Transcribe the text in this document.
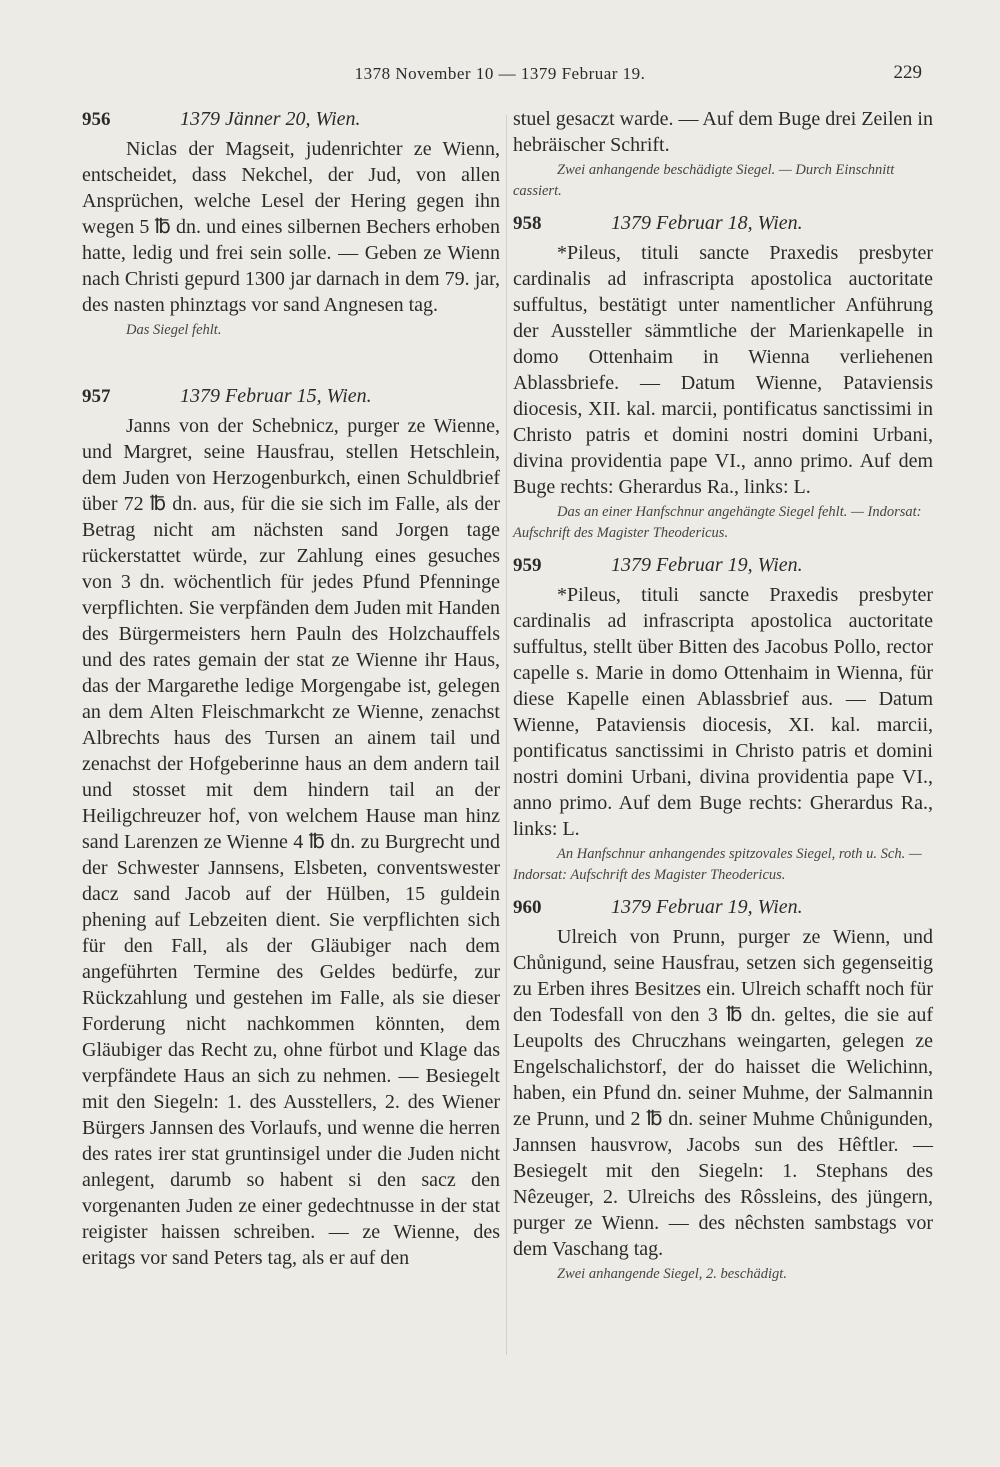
1378 November 10 — 1379 Februar 19.	229
956	1379 Jänner 20, Wien.

Niclas der Magseit, judenrichter ze Wienn, entscheidet, dass Nekchel, der Jud, von allen Ansprüchen, welche Lesel der Hering gegen ihn wegen 5 ℔ dn. und eines silbernen Bechers erhoben hatte, ledig und frei sein solle. — Geben ze Wienn nach Christi gepurd 1300 jar darnach in dem 79. jar, des nasten phinztags vor sand Angnesen tag.

Das Siegel fehlt.

957	1379 Februar 15, Wien.

Janns von der Schebnicz, purger ze Wienne, und Margret, seine Hausfrau, stellen Hetschlein, dem Juden von Herzogenburkch, einen Schuldbrief über 72 ℔ dn. aus, für die sie sich im Falle, als der Betrag nicht am nächsten sand Jorgen tage rückerstattet würde, zur Zahlung eines gesuches von 3 dn. wöchentlich für jedes Pfund Pfenninge verpflichten. Sie verpfänden dem Juden mit Handen des Bürgermeisters hern Pauln des Holzchauffels und des rates gemain der stat ze Wienne ihr Haus, das der Margarethe ledige Morgengabe ist, gelegen an dem Alten Fleischmarkcht ze Wienne, zenachst Albrechts haus des Tursen an ainem tail und zenachst der Hofgeberinne haus an dem andern tail und stosset mit dem hindern tail an der Heiligchreuzer hof, von welchem Hause man hinz sand Larenzen ze Wienne 4 ℔ dn. zu Burgrecht und der Schwester Jannsens, Elsbeten, conventswester dacz sand Jacob auf der Hülben, 15 guldein phening auf Lebzeiten dient. Sie verpflichten sich für den Fall, als der Gläubiger nach dem angeführten Termine des Geldes bedürfe, zur Rückzahlung und gestehen im Falle, als sie dieser Forderung nicht nachkommen könnten, dem Gläubiger das Recht zu, ohne fürbot und Klage das verpfändete Haus an sich zu nehmen. — Besiegelt mit den Siegeln: 1. des Ausstellers, 2. des Wiener Bürgers Jannsen des Vorlaufs, und wenne die herren des rates irer stat gruntinsigel under die Juden nicht anlegent, darumb so habent si den sacz den vorgenanten Juden ze einer gedechtnusse in der stat reigister haissen schreiben. — ze Wienne, des eritags vor sand Peters tag, als er auf den

stuel gesaczt warde. — Auf dem Buge drei Zeilen in hebräischer Schrift.

Zwei anhangende beschädigte Siegel. — Durch Einschnitt cassiert.

958	1379 Februar 18, Wien.

*Pileus, tituli sancte Praxedis presbyter cardinalis ad infrascripta apostolica auctoritate suffultus, bestätigt unter namentlicher Anführung der Aussteller sämmtliche der Marienkapelle in domo Ottenhaim in Wienna verliehenen Ablassbriefe. — Datum Wienne, Pataviensis diocesis, XII. kal. marcii, pontificatus sanctissimi in Christo patris et domini nostri domini Urbani, divina providentia pape VI., anno primo. Auf dem Buge rechts: Gherardus Ra., links: L.

Das an einer Hanfschnur angehängte Siegel fehlt. — Indorsat: Aufschrift des Magister Theodericus.

959	1379 Februar 19, Wien.

*Pileus, tituli sancte Praxedis presbyter cardinalis ad infrascripta apostolica auctoritate suffultus, stellt über Bitten des Jacobus Pollo, rector capelle s. Marie in domo Ottenhaim in Wienna, für diese Kapelle einen Ablassbrief aus. — Datum Wienne, Pataviensis diocesis, XI. kal. marcii, pontificatus sanctissimi in Christo patris et domini nostri domini Urbani, divina providentia pape VI., anno primo. Auf dem Buge rechts: Gherardus Ra., links: L.

An Hanfschnur anhangendes spitzovales Siegel, roth u. Sch. — Indorsat: Aufschrift des Magister Theodericus.

960	1379 Februar 19, Wien.

Ulreich von Prunn, purger ze Wienn, und Chůnigund, seine Hausfrau, setzen sich gegenseitig zu Erben ihres Besitzes ein. Ulreich schafft noch für den Todesfall von den 3 ℔ dn. geltes, die sie auf Leupolts des Chruczhans weingarten, gelegen ze Engelschalichstorf, der do haisset die Welichinn, haben, ein Pfund dn. seiner Muhme, der Salmannin ze Prunn, und 2 ℔ dn. seiner Muhme Chůnigunden, Jannsen hausvrow, Jacobs sun des Hêftler. — Besiegelt mit den Siegeln: 1. Stephans des Nêzeuger, 2. Ulreichs des Rôssleins, des jüngern, purger ze Wienn. — des nêchsten sambstags vor dem Vaschang tag.

Zwei anhangende Siegel, 2. beschädigt.
